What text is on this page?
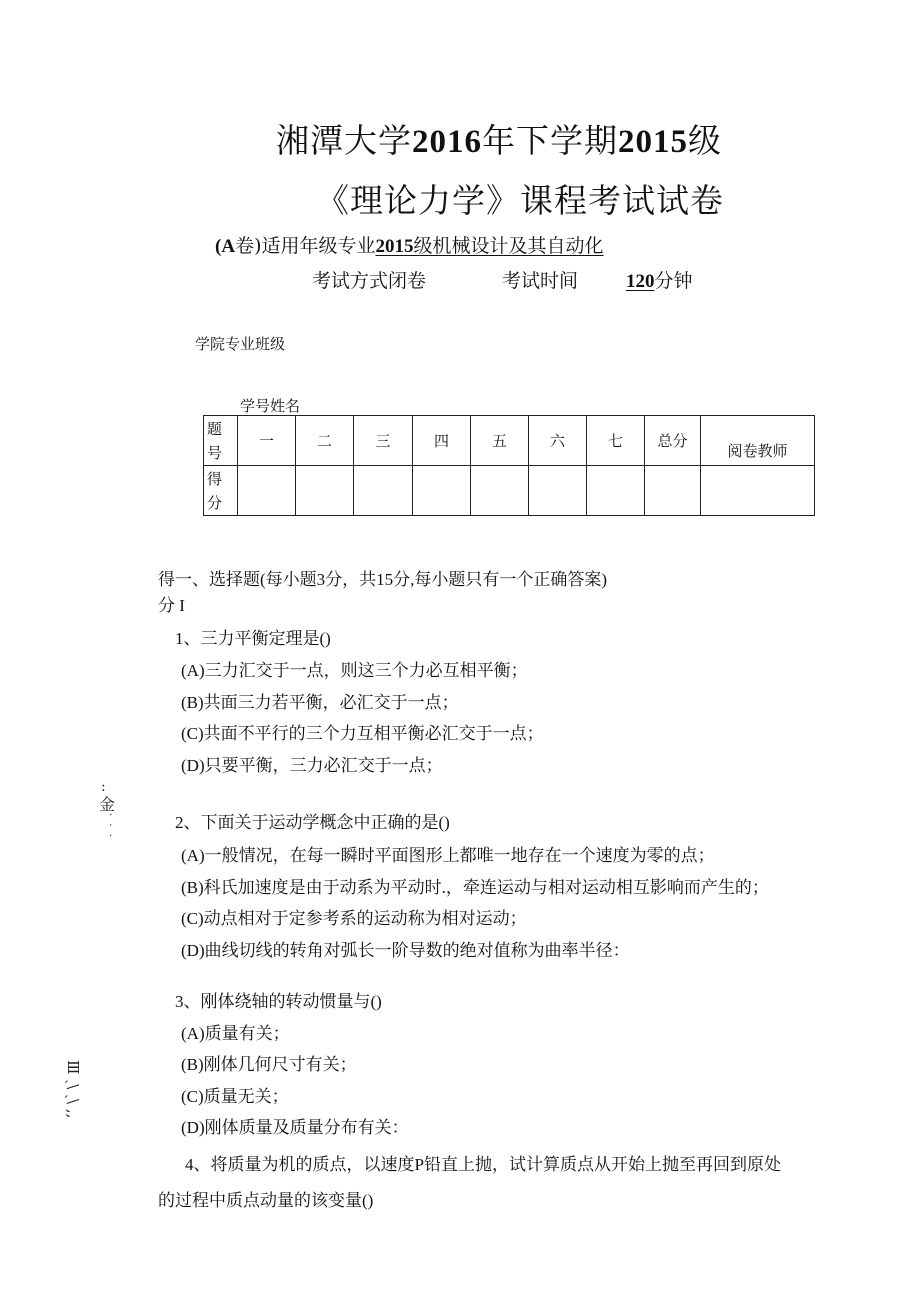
湘潭大学2016年下学期2015级
《理论力学》课程考试试卷
(A卷)适用年级专业2015级机械设计及其自动化
考试方式闭卷	考试时间	120分钟
学院专业班级
学号姓名
题
号	一	二	三	四	五	六	七	总分	阅卷教师
得
分									
得一、选择题(每小题3分，共15分,每小题只有一个正确答案)
分 I
1、三力平衡定理是()
(A)三力汇交于一点，则这三个力必互相平衡；
(B)共面三力若平衡，必汇交于一点；
(C)共面不平行的三个力互相平衡必汇交于一点；
(D)只要平衡，三力必汇交于一点；
:
金
· · ·	2、下面关于运动学概念中正确的是()
(A)一般情况，在每一瞬时平面图形上都唯一地存在一个速度为零的点；
(B)科氏加速度是由于动系为平动时.，牵连运动与相对运动相互影响而产生的；
(C)动点相对于定参考系的运动称为相对运动；
(D)曲线切线的转角对弧长一阶导数的绝对值称为曲率半径：
3、刚体绕轴的转动惯量与()
(A)质量有关；
(B)刚体几何尺寸有关；
(C)质量无关；
(D)刚体质量及质量分布有关：
Ⅲ ˏ\ ˏ\ ,,
4、将质量为机的质点，以速度P铅直上抛，试计算质点从开始上抛至再回到原处
的过程中质点动量的该变量()
